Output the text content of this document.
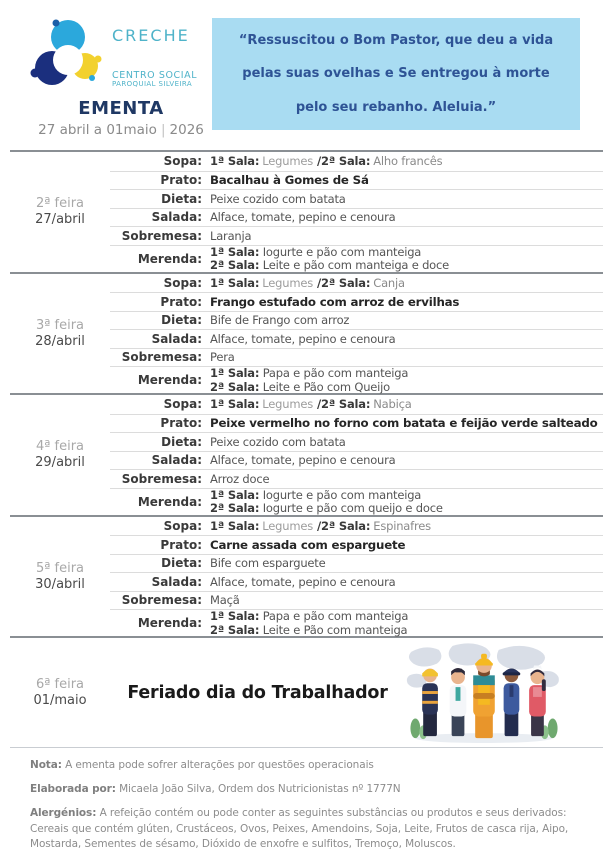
CRECHE
CENTRO SOCIAL
PAROQUIAL SILVEIRA
EMENTA
27 abril a 01maio | 2026
“Ressuscitou o Bom Pastor, que deu a vida pelas suas ovelhas e Se entregou à morte pelo seu rebanho. Aleluia.”
2ª feira
27/abril
Sopa: 1ª Sala: Legumes /2ª Sala: Alho francês
Prato: Bacalhau à Gomes de Sá
Dieta: Peixe cozido com batata
Salada: Alface, tomate, pepino e cenoura
Sobremesa: Laranja
Merenda: 1ª Sala: Iogurte e pão com manteiga
2ª Sala: Leite e pão com manteiga e doce
3ª feira
28/abril
Sopa: 1ª Sala: Legumes /2ª Sala: Canja
Prato: Frango estufado com arroz de ervilhas
Dieta: Bife de Frango com arroz
Salada: Alface, tomate, pepino e cenoura
Sobremesa: Pera
Merenda: 1ª Sala: Papa e pão com manteiga
2ª Sala: Leite e Pão com Queijo
4ª feira
29/abril
Sopa: 1ª Sala: Legumes /2ª Sala: Nabiça
Prato: Peixe vermelho no forno com batata e feijão verde salteado
Dieta: Peixe cozido com batata
Salada: Alface, tomate, pepino e cenoura
Sobremesa: Arroz doce
Merenda: 1ª Sala: Iogurte e pão com manteiga
2ª Sala: Iogurte e pão com queijo e doce
5ª feira
30/abril
Sopa: 1ª Sala: Legumes /2ª Sala: Espinafres
Prato: Carne assada com esparguete
Dieta: Bife com esparguete
Salada: Alface, tomate, pepino e cenoura
Sobremesa: Maçã
Merenda: 1ª Sala: Papa e pão com manteiga
2ª Sala: Leite e Pão com manteiga
6ª feira
01/maio	Feriado dia do Trabalhador
Nota: A ementa pode sofrer alterações por questões operacionais
Elaborada por: Micaela João Silva, Ordem dos Nutricionistas nº 1777N
Alergénios: A refeição contém ou pode conter as seguintes substâncias ou produtos e seus derivados: Cereais que contém glúten, Crustáceos, Ovos, Peixes, Amendoins, Soja, Leite, Frutos de casca rija, Aipo, Mostarda, Sementes de sésamo, Dióxido de enxofre e sulfitos, Tremoço, Moluscos.
